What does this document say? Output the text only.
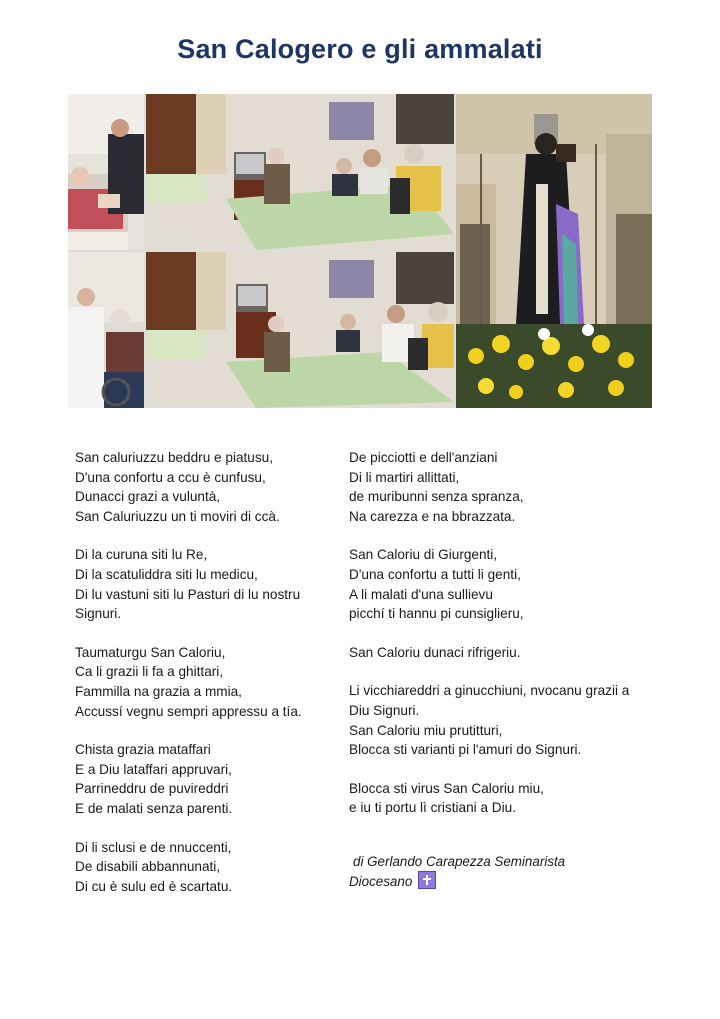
San Calogero e gli ammalati
San caluriuzzu beddru e piatusu,
D'una confortu a ccu è cunfusu,
Dunacci grazi a vuluntà,
San Caluriuzzu un ti moviri di ccà.
Di la curuna siti lu Re,
Di la scatuliddra siti lu medicu,
Di lu vastuni siti lu Pasturi di lu nostru Signuri.
Taumaturgu San Caloriu,
Ca li grazii li fa a ghittari,
Fammilla na grazia a mmia,
Accussí vegnu sempri appressu a tía.
Chista grazia mataffari
E a Diu lataffari appruvari,
Parrineddru de puvireddri
E de malati senza parenti.
Di li sclusi e de nnuccenti,
De disabili abbannunati,
Di cu è sulu ed è scartatu.
De picciotti e dell'anziani
Di li martiri allittati,
de muribunni senza spranza,
Na carezza e na bbrazzata.
San Caloriu di Giurgenti,
D'una confortu a tutti li genti,
A li malati d'una sullievu
picchí ti hannu pi cunsiglieru,
San Caloriu dunaci rifrigeriu.
Li vicchiareddri a ginucchiuni, nvocanu grazii a Diu Signuri.
San Caloriu miu prutitturi,
Blocca sti varianti pi l'amuri do Signuri.
Blocca sti virus San Caloriu miu,
e iu ti portu lì cristiani a Diu.
di Gerlando Carapezza Seminarista
Diocesano
